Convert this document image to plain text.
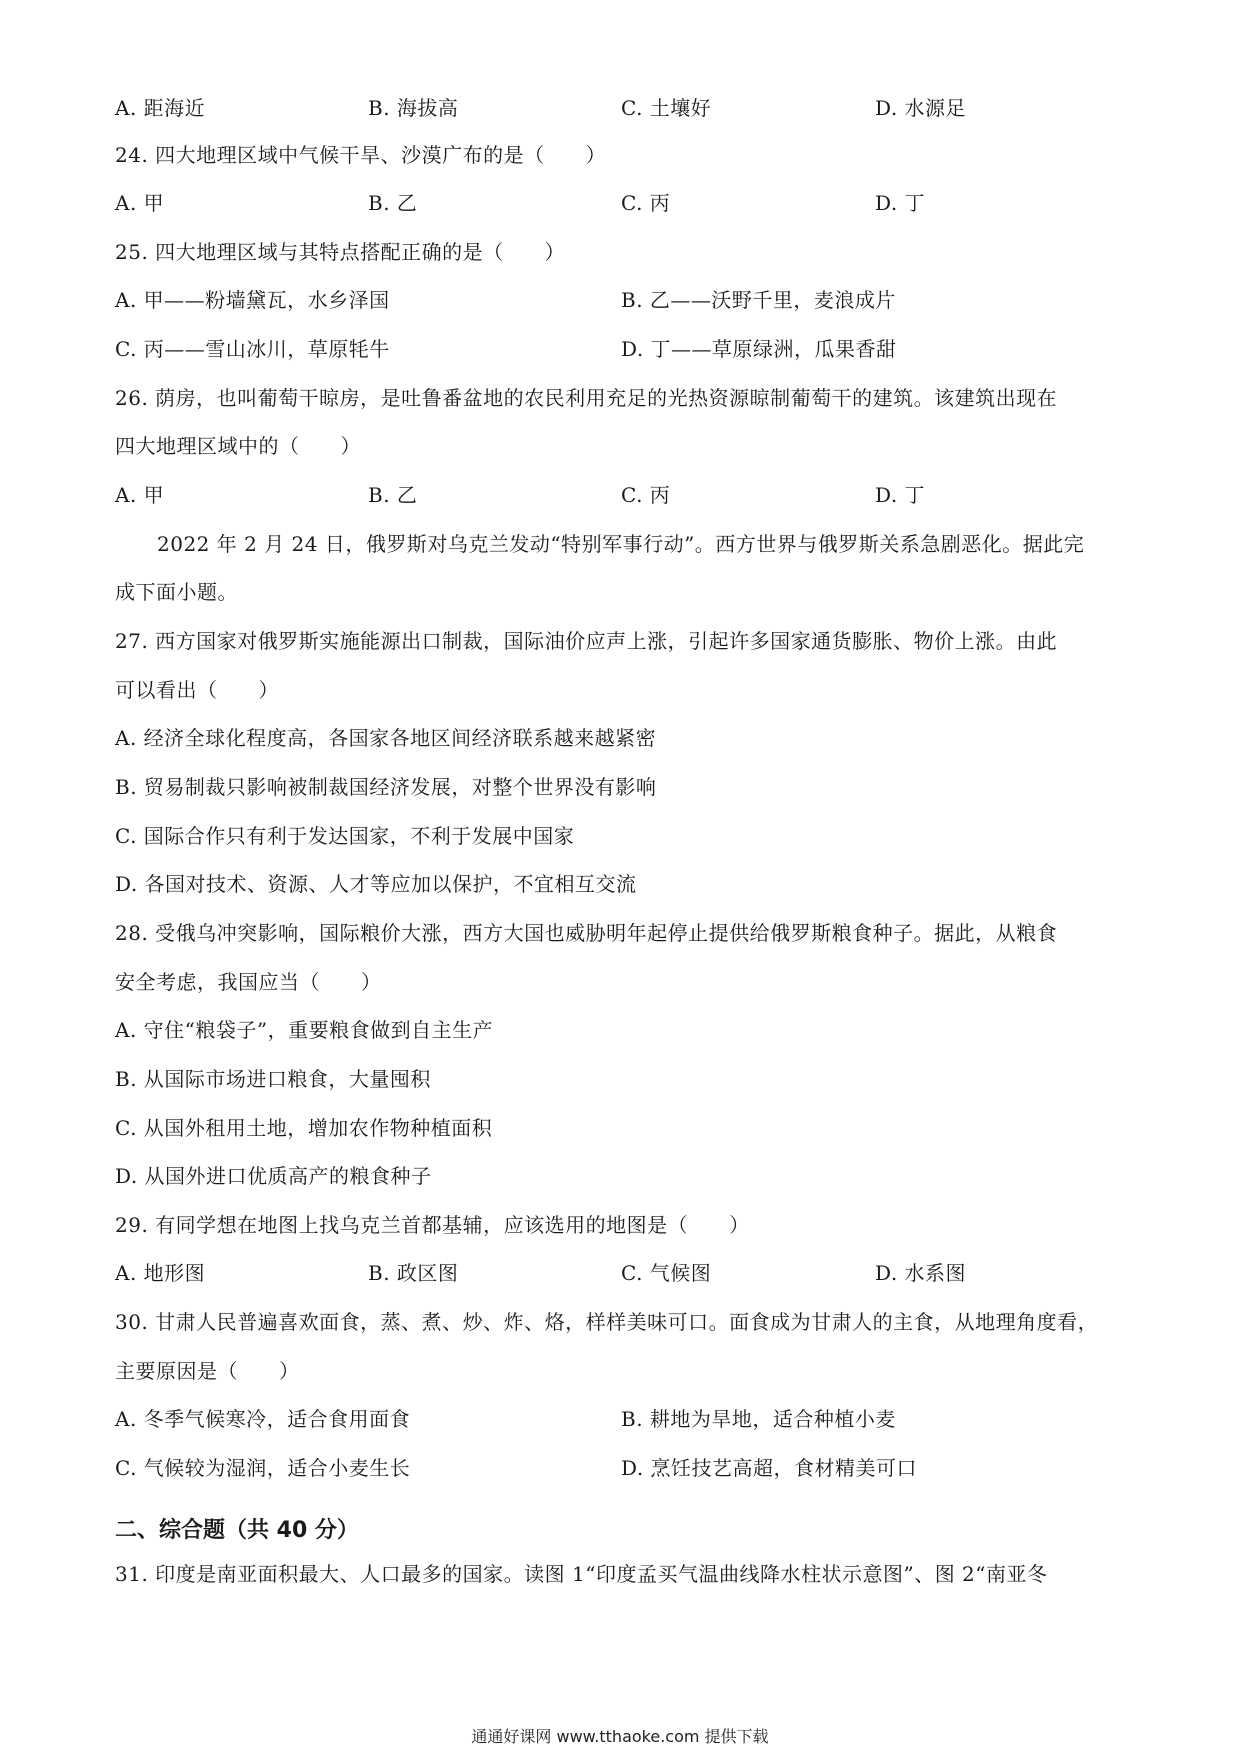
A. 距海近	B. 海拔高	C. 土壤好	D. 水源足
24. 四大地理区域中气候干旱、沙漠广布的是（　　）
A. 甲	B. 乙	C. 丙	D. 丁
25. 四大地理区域与其特点搭配正确的是（　　）
A. 甲——粉墙黛瓦，水乡泽国	B. 乙——沃野千里，麦浪成片
C. 丙——雪山冰川，草原牦牛	D. 丁——草原绿洲，瓜果香甜
26. 荫房，也叫葡萄干晾房，是吐鲁番盆地的农民利用充足的光热资源晾制葡萄干的建筑。该建筑出现在
四大地理区域中的（　　）
A. 甲	B. 乙	C. 丙	D. 丁
2022 年 2 月 24 日，俄罗斯对乌克兰发动“特别军事行动”。西方世界与俄罗斯关系急剧恶化。据此完
成下面小题。
27. 西方国家对俄罗斯实施能源出口制裁，国际油价应声上涨，引起许多国家通货膨胀、物价上涨。由此
可以看出（　　）
A. 经济全球化程度高，各国家各地区间经济联系越来越紧密
B. 贸易制裁只影响被制裁国经济发展，对整个世界没有影响
C. 国际合作只有利于发达国家，不利于发展中国家
D. 各国对技术、资源、人才等应加以保护，不宜相互交流
28. 受俄乌冲突影响，国际粮价大涨，西方大国也威胁明年起停止提供给俄罗斯粮食种子。据此，从粮食
安全考虑，我国应当（　　）
A. 守住“粮袋子”，重要粮食做到自主生产
B. 从国际市场进口粮食，大量囤积
C. 从国外租用土地，增加农作物种植面积
D. 从国外进口优质高产的粮食种子
29. 有同学想在地图上找乌克兰首都基辅，应该选用的地图是（　　）
A. 地形图	B. 政区图	C. 气候图	D. 水系图
30. 甘肃人民普遍喜欢面食，蒸、煮、炒、炸、烙，样样美味可口。面食成为甘肃人的主食，从地理角度看，
主要原因是（　　）
A. 冬季气候寒冷，适合食用面食	B. 耕地为旱地，适合种植小麦
C. 气候较为湿润，适合小麦生长	D. 烹饪技艺高超，食材精美可口
二、综合题（共 40 分）
31. 印度是南亚面积最大、人口最多的国家。读图 1“印度孟买气温曲线降水柱状示意图”、图 2“南亚冬
通通好课网 www.tthaoke.com 提供下载
